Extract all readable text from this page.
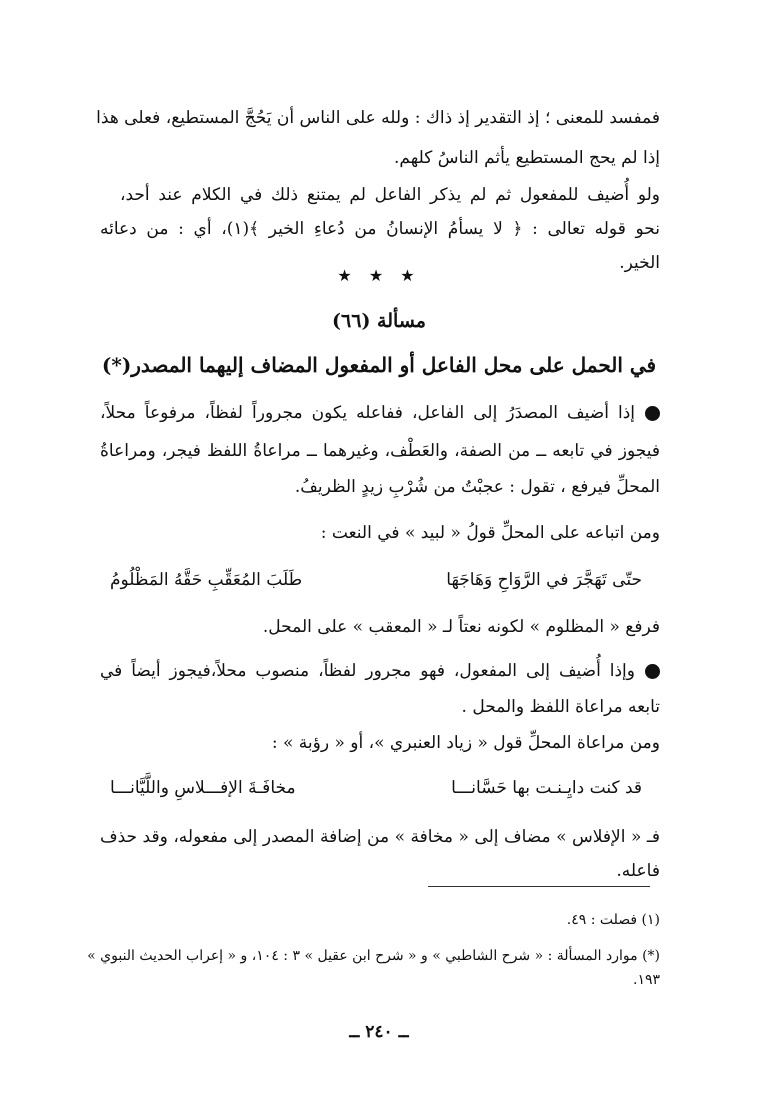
فمفسد للمعنى ؛ إذ التقدير إذ ذاك : ولله على الناس أن يَحُجَّ المستطيع، فعلى هذا
إذا لم يحج المستطيع يأثم الناسُ كلهم.
ولو أُضيف للمفعول ثم لم يذكر الفاعل لم يمتنع ذلك في الكلام عند أحد،
نحو قوله تعالى : ﴿ لا يسأمُ الإنسانُ من دُعاءِ الخير ﴾(١)، أي : من دعائه
الخير.
★ ★ ★
مسألة (٦٦)
في الحمل على محل الفاعل أو المفعول المضاف إليهما المصدر(*)
إذا أضيف المصدَرُ إلى الفاعل، ففاعله يكون مجروراً لفظاً، مرفوعاً محلاً،
فيجوز في تابعه ــ من الصفة، والعَطْف، وغيرهما ــ مراعاةُ اللفظ فيجر، ومراعاةُ
المحلِّ فيرفع ، تقول : عجبْتُ من شُرْبِ زيدٍ الظريفُ.
ومن اتباعه على المحلِّ قولُ « لبيد » في النعت :
حتّى تَهَجَّرَ في الرَّوَاحِ وَهَاجَهَا
طَلَبَ المُعَقِّبِ حَقَّهُ المَظْلُومُ
فرفع « المظلوم » لكونه نعتاً لـ « المعقب » على المحل.
وإذا أُضيف إلى المفعول، فهو مجرور لفظاً، منصوب محلاً،فيجوز أيضاً في
تابعه مراعاة اللفظ والمحل .
ومن مراعاة المحلِّ قول « زياد العنبري »، أو « رؤبة » :
قد كنت دايِـنـت بها حَسَّانـــا
مخافَـةَ الإفـــلاسِ واللَّيَّانـــا
فـ « الإفلاس » مضاف إلى « مخافة » من إضافة المصدر إلى مفعوله، وقد حذف
فاعله.
(١) فصلت : ٤٩.
(*) موارد المسألة : « شرح الشاطبي » و « شرح ابن عقيل » ٣ : ١٠٤، و « إعراب الحديث النبوي »
١٩٣.
ــ ٢٤٠ ــ
